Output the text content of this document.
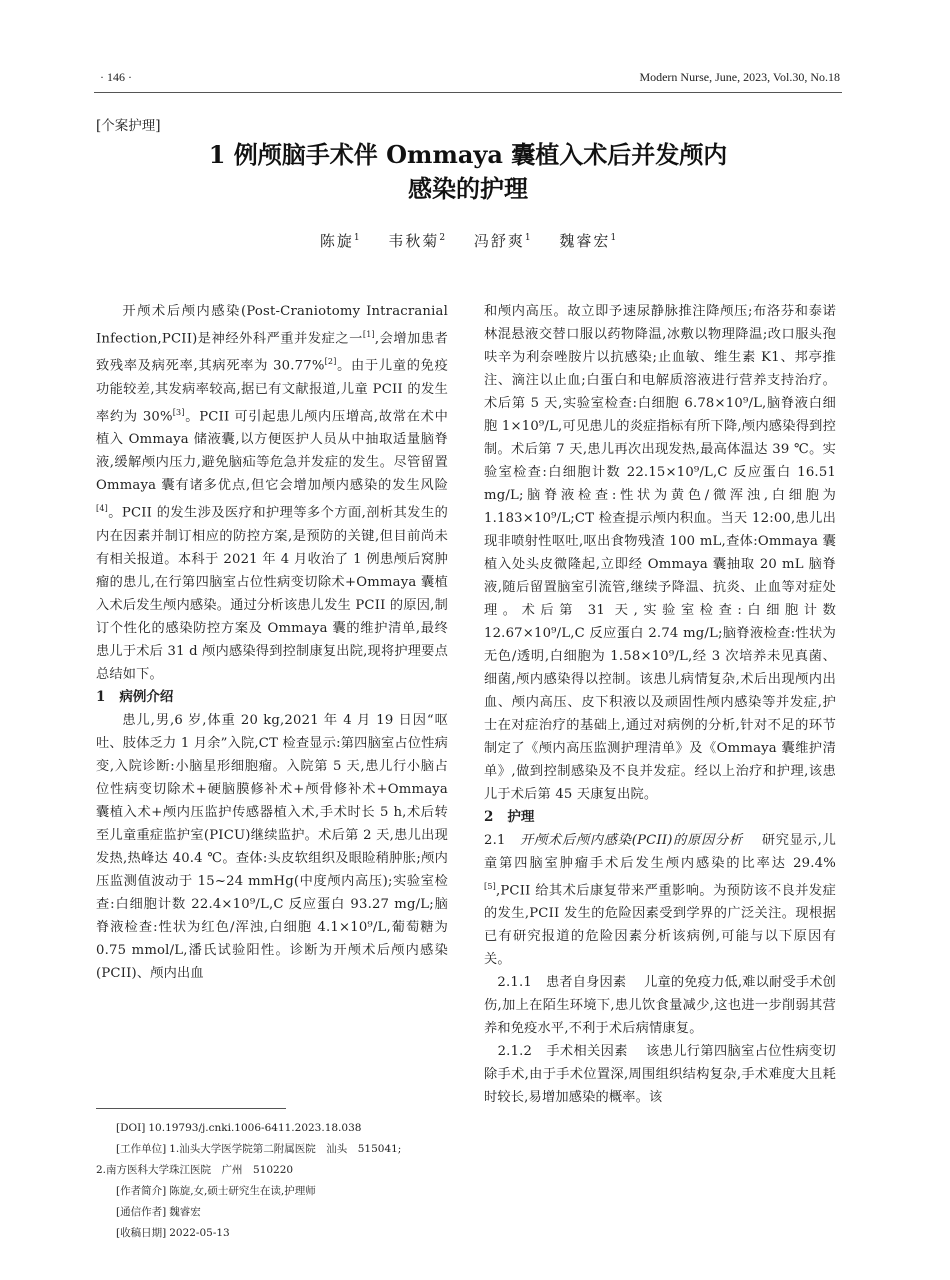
· 146 ·	Modern Nurse, June, 2023, Vol.30, No.18
[个案护理]
1 例颅脑手术伴 Ommaya 囊植入术后并发颅内
感染的护理
陈旋$^1$ 韦秋菊$^2$ 冯舒爽$^1$ 魏睿宏$^1$

开颅术后颅内感染(Post-Craniotomy Intracranial Infection,PCII)是神经外科严重并发症之一[1],会增加患者致残率及病死率,其病死率为 30.77%[2]。由于儿童的免疫功能较差,其发病率较高,据已有文献报道,儿童 PCII 的发生率约为 30%[3]。PCII 可引起患儿颅内压增高,故常在术中植入 Ommaya 储液囊,以方便医护人员从中抽取适量脑脊液,缓解颅内压力,避免脑疝等危急并发症的发生。尽管留置 Ommaya 囊有诸多优点,但它会增加颅内感染的发生风险[4]。PCII 的发生涉及医疗和护理等多个方面,剖析其发生的内在因素并制订相应的防控方案,是预防的关键,但目前尚未有相关报道。本科于 2021 年 4 月收治了 1 例患颅后窝肿瘤的患儿,在行第四脑室占位性病变切除术+Ommaya 囊植入术后发生颅内感染。通过分析该患儿发生 PCII 的原因,制订个性化的感染防控方案及 Ommaya 囊的维护清单,最终患儿于术后 31 d 颅内感染得到控制康复出院,现将护理要点总结如下。

1 病例介绍

患儿,男,6 岁,体重 20 kg,2021 年 4 月 19 日因“呕吐、肢体乏力 1 月余”入院,CT 检查显示:第四脑室占位性病变,入院诊断:小脑星形细胞瘤。入院第 5 天,患儿行小脑占位性病变切除术+硬脑膜修补术+颅骨修补术+Ommaya 囊植入术+颅内压监护传感器植入术,手术时长 5 h,术后转至儿童重症监护室(PICU)继续监护。术后第 2 天,患儿出现发热,热峰达 40.4 ℃。查体:头皮软组织及眼睑稍肿胀;颅内压监测值波动于 15~24 mmHg(中度颅内高压);实验室检查:白细胞计数 22.4×10⁹/L,C 反应蛋白 93.27 mg/L;脑脊液检查:性状为红色/浑浊,白细胞 4.1×10⁹/L,葡萄糖为 0.75 mmol/L,潘氏试验阳性。诊断为开颅术后颅内感染(PCII)、颅内出血

和颅内高压。故立即予速尿静脉推注降颅压;布洛芬和泰诺林混悬液交替口服以药物降温,冰敷以物理降温;改口服头孢呋辛为利奈唑胺片以抗感染;止血敏、维生素 K1、邦亭推注、滴注以止血;白蛋白和电解质溶液进行营养支持治疗。术后第 5 天,实验室检查:白细胞 6.78×10⁹/L,脑脊液白细胞 1×10⁹/L,可见患儿的炎症指标有所下降,颅内感染得到控制。术后第 7 天,患儿再次出现发热,最高体温达 39 ℃。实验室检查:白细胞计数 22.15×10⁹/L,C 反应蛋白 16.51 mg/L;脑脊液检查:性状为黄色/微浑浊,白细胞为 1.183×10⁹/L;CT 检查提示颅内积血。当天 12:00,患儿出现非喷射性呕吐,呕出食物残渣 100 mL,查体:Ommaya 囊植入处头皮微隆起,立即经 Ommaya 囊抽取 20 mL 脑脊液,随后留置脑室引流管,继续予降温、抗炎、止血等对症处理。术后第 31 天,实验室检查:白细胞计数 12.67×10⁹/L,C 反应蛋白 2.74 mg/L;脑脊液检查:性状为无色/透明,白细胞为 1.58×10⁹/L,经 3 次培养未见真菌、细菌,颅内感染得以控制。该患儿病情复杂,术后出现颅内出血、颅内高压、皮下积液以及顽固性颅内感染等并发症,护士在对症治疗的基础上,通过对病例的分析,针对不足的环节制定了《颅内高压监测护理清单》及《Ommaya 囊维护清单》,做到控制感染及不良并发症。经以上治疗和护理,该患儿于术后第 45 天康复出院。

2 护理

2.1 开颅术后颅内感染(PCII)的原因分析　 研究显示,儿童第四脑室肿瘤手术后发生颅内感染的比率达 29.4%[5],PCII 给其术后康复带来严重影响。为预防该不良并发症的发生,PCII 发生的危险因素受到学界的广泛关注。现根据已有研究报道的危险因素分析该病例,可能与以下原因有关。

　2.1.1 患者自身因素　 儿童的免疫力低,难以耐受手术创伤,加上在陌生环境下,患儿饮食量减少,这也进一步削弱其营养和免疫水平,不利于术后病情康复。

　2.1.2 手术相关因素　 该患儿行第四脑室占位性病变切除手术,由于手术位置深,周围组织结构复杂,手术难度大且耗时较长,易增加感染的概率。该

[DOI] 10.19793/j.cnki.1006-6411.2023.18.038
[工作单位] 1.汕头大学医学院第二附属医院　汕头　515041;
2.南方医科大学珠江医院　广州　510220
[作者简介] 陈旋,女,硕士研究生在读,护理师
[通信作者] 魏睿宏
[收稿日期] 2022-05-13
